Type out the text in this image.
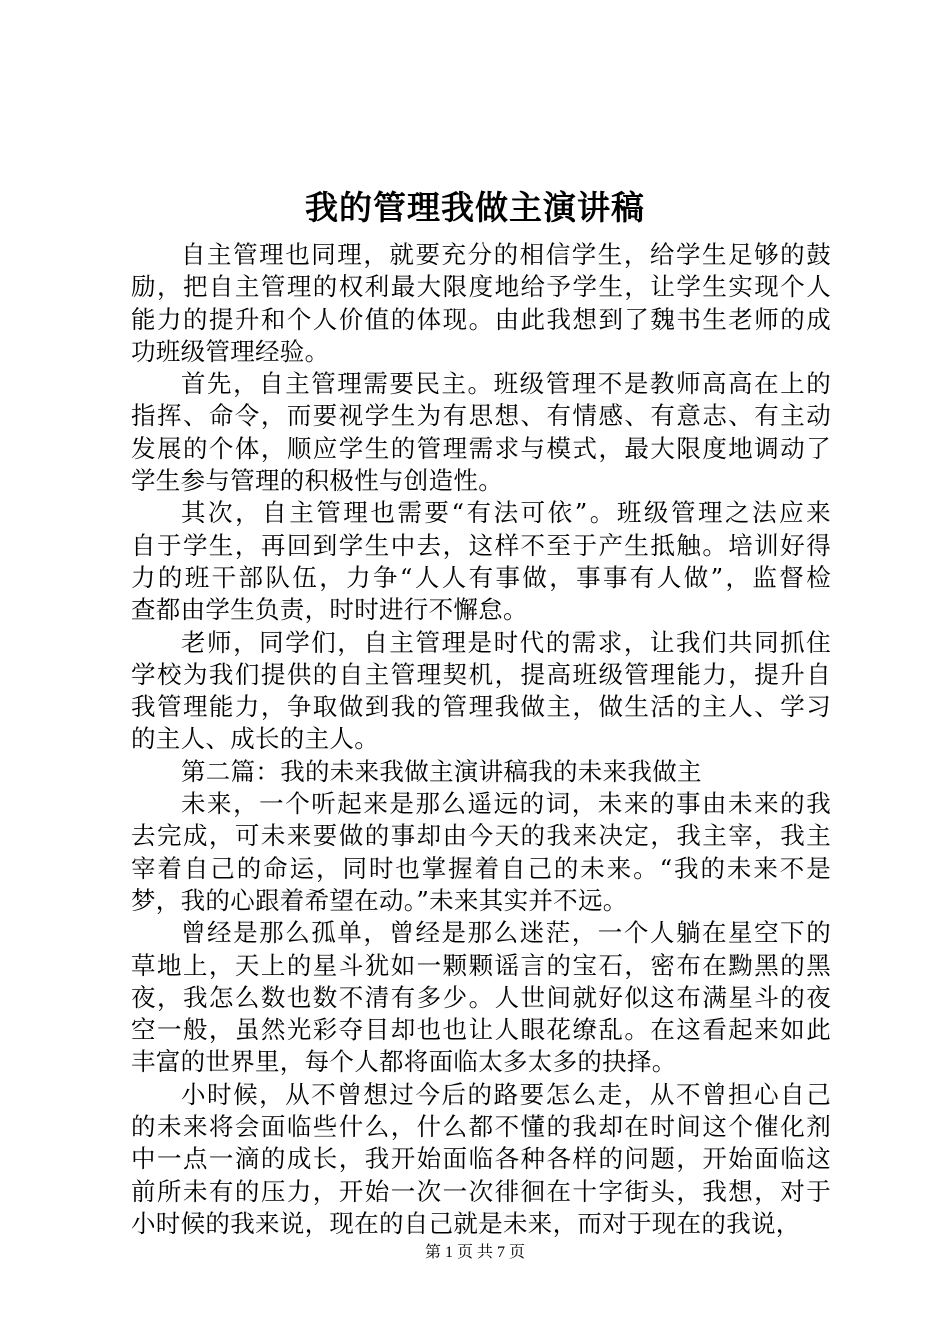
我的管理我做主演讲稿
自主管理也同理，就要充分的相信学生，给学生足够的鼓
励，把自主管理的权利最大限度地给予学生，让学生实现个人
能力的提升和个人价值的体现。由此我想到了魏书生老师的成
功班级管理经验。
首先，自主管理需要民主。班级管理不是教师高高在上的
指挥、命令，而要视学生为有思想、有情感、有意志、有主动
发展的个体，顺应学生的管理需求与模式，最大限度地调动了
学生参与管理的积极性与创造性。
其次，自主管理也需要“有法可依”。班级管理之法应来
自于学生，再回到学生中去，这样不至于产生抵触。培训好得
力的班干部队伍，力争“人人有事做，事事有人做”，监督检
查都由学生负责，时时进行不懈怠。
老师，同学们，自主管理是时代的需求，让我们共同抓住
学校为我们提供的自主管理契机，提高班级管理能力，提升自
我管理能力，争取做到我的管理我做主，做生活的主人、学习
的主人、成长的主人。
第二篇：我的未来我做主演讲稿我的未来我做主
未来，一个听起来是那么遥远的词，未来的事由未来的我
去完成，可未来要做的事却由今天的我来决定，我主宰，我主
宰着自己的命运，同时也掌握着自己的未来。“我的未来不是
梦，我的心跟着希望在动。”未来其实并不远。
曾经是那么孤单，曾经是那么迷茫，一个人躺在星空下的
草地上，天上的星斗犹如一颗颗谣言的宝石，密布在黝黑的黑
夜，我怎么数也数不清有多少。人世间就好似这布满星斗的夜
空一般，虽然光彩夺目却也也让人眼花缭乱。在这看起来如此
丰富的世界里，每个人都将面临太多太多的抉择。
小时候，从不曾想过今后的路要怎么走，从不曾担心自己
的未来将会面临些什么，什么都不懂的我却在时间这个催化剂
中一点一滴的成长，我开始面临各种各样的问题，开始面临这
前所未有的压力，开始一次一次徘徊在十字街头，我想，对于
小时候的我来说，现在的自己就是未来，而对于现在的我说，
第 1 页 共 7 页
